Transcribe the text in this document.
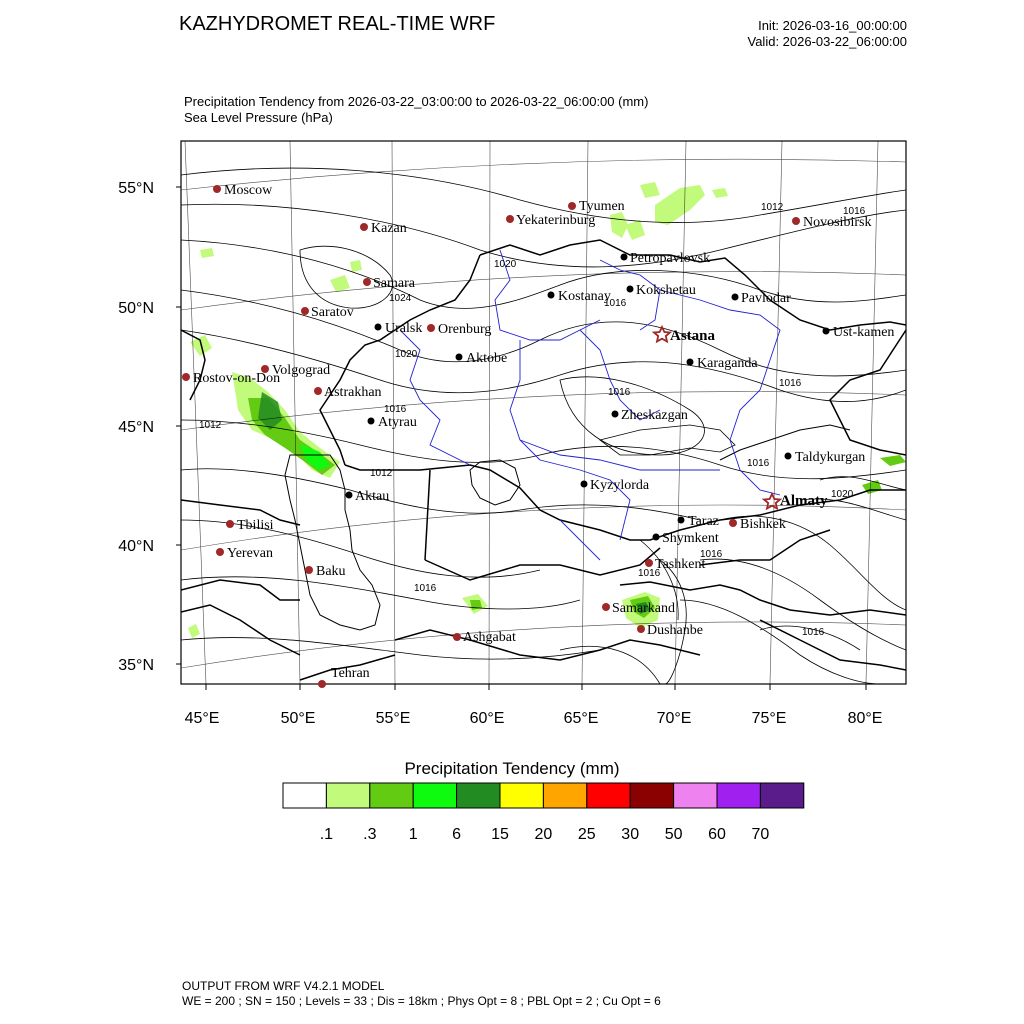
KAZHYDROMET REAL-TIME WRF	Init: 2026-03-16_00:00:00
Valid: 2026-03-22_06:00:00
Precipitation Tendency from 2026-03-22_03:00:00 to 2026-03-22_06:00:00 (mm)
Sea Level Pressure (hPa)
55°N
50°N
45°N
40°N
35°N
45°E	50°E	55°E	60°E	65°E	70°E	75°E	80°E
1012	1016
1020
1024
1020
1016
1016
1016
1016
1012
1016
1012
1016
1020
1016
1016
1016
Moscow
Kazan
Samara
Saratov
Volgograd
Rostov-on-Don
Astrakhan
Orenburg
Yekaterinburg
Tyumen
Novosibirsk
Tbilisi
Yerevan
Baku
Ashgabat
Tehran
Samarkand
Dushanbe
Tashkent
Bishkek
Uralsk
Aktobe
Atyrau
Aktau
Kostanay
Petropavlovsk
Kokshetau
Pavlodar
Ust-kamen
Karaganda
Zheskazgan
Kyzylorda
Shymkent
Taraz
Taldykurgan
Astana
Almaty
Precipitation Tendency (mm)
.1 .3 1 6 15 20 25 30 50 60 70
OUTPUT FROM WRF V4.2.1 MODEL
WE = 200 ; SN = 150 ; Levels = 33 ; Dis = 18km ; Phys Opt = 8 ; PBL Opt = 2 ; Cu Opt = 6
